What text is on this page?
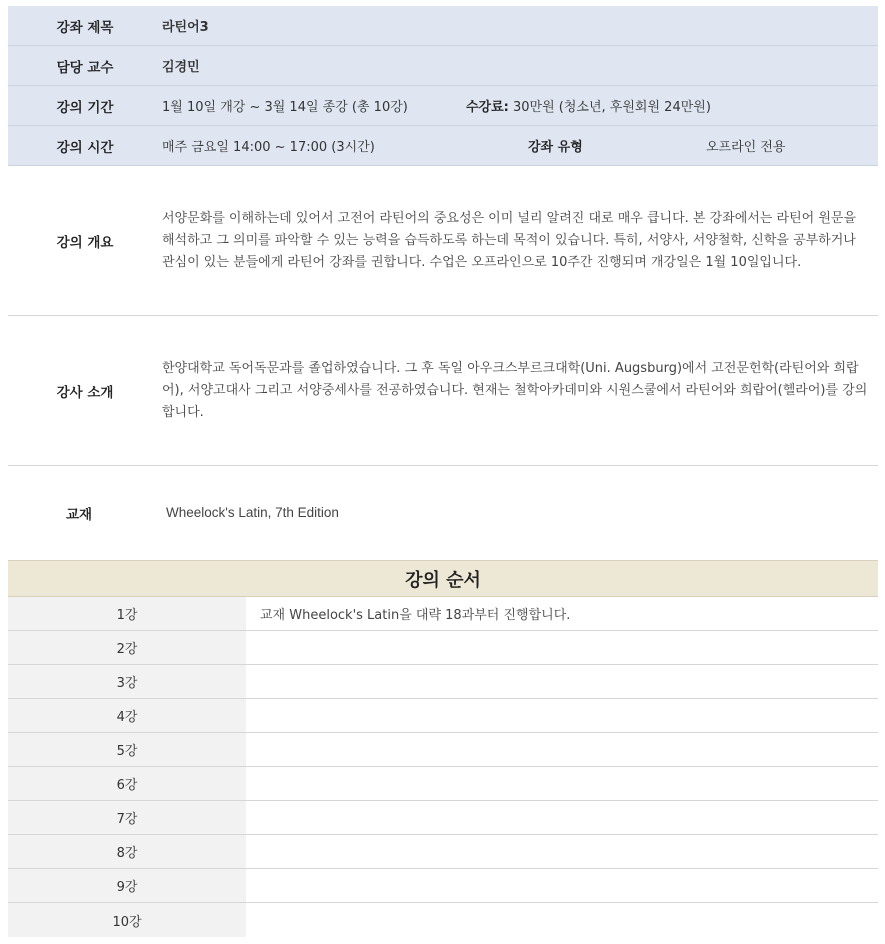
강좌 제목	라틴어3
담당 교수	김경민
강의 기간	1월 10일 개강 ~ 3월 14일 종강 (총 10강)	수강료: 30만원 (청소년, 후원회원 24만원)
강의 시간	매주 금요일 14:00 ~ 17:00 (3시간)	강좌 유형	오프라인 전용
강의 개요
서양문화를 이해하는데 있어서 고전어 라틴어의 중요성은 이미 널리 알려진 대로 매우 큽니다. 본 강좌에서는 라틴어 원문을 해석하고 그 의미를 파악할 수 있는 능력을 습득하도록 하는데 목적이 있습니다. 특히, 서양사, 서양철학, 신학을 공부하거나 관심이 있는 분들에게 라틴어 강좌를 권합니다. 수업은 오프라인으로 10주간 진행되며 개강일은 1월 10일입니다.
강사 소개
한양대학교 독어독문과를 졸업하였습니다. 그 후 독일 아우크스부르크대학(Uni. Augsburg)에서 고전문헌학(라틴어와 희랍어), 서양고대사 그리고 서양중세사를 전공하였습니다. 현재는 철학아카데미와 시원스쿨에서 라틴어와 희랍어(헬라어)를 강의합니다.
교재	Wheelock's Latin, 7th Edition
강의 순서
1강	교재 Wheelock's Latin을 대략 18과부터 진행합니다.
2강
3강
4강
5강
6강
7강
8강
9강
10강
